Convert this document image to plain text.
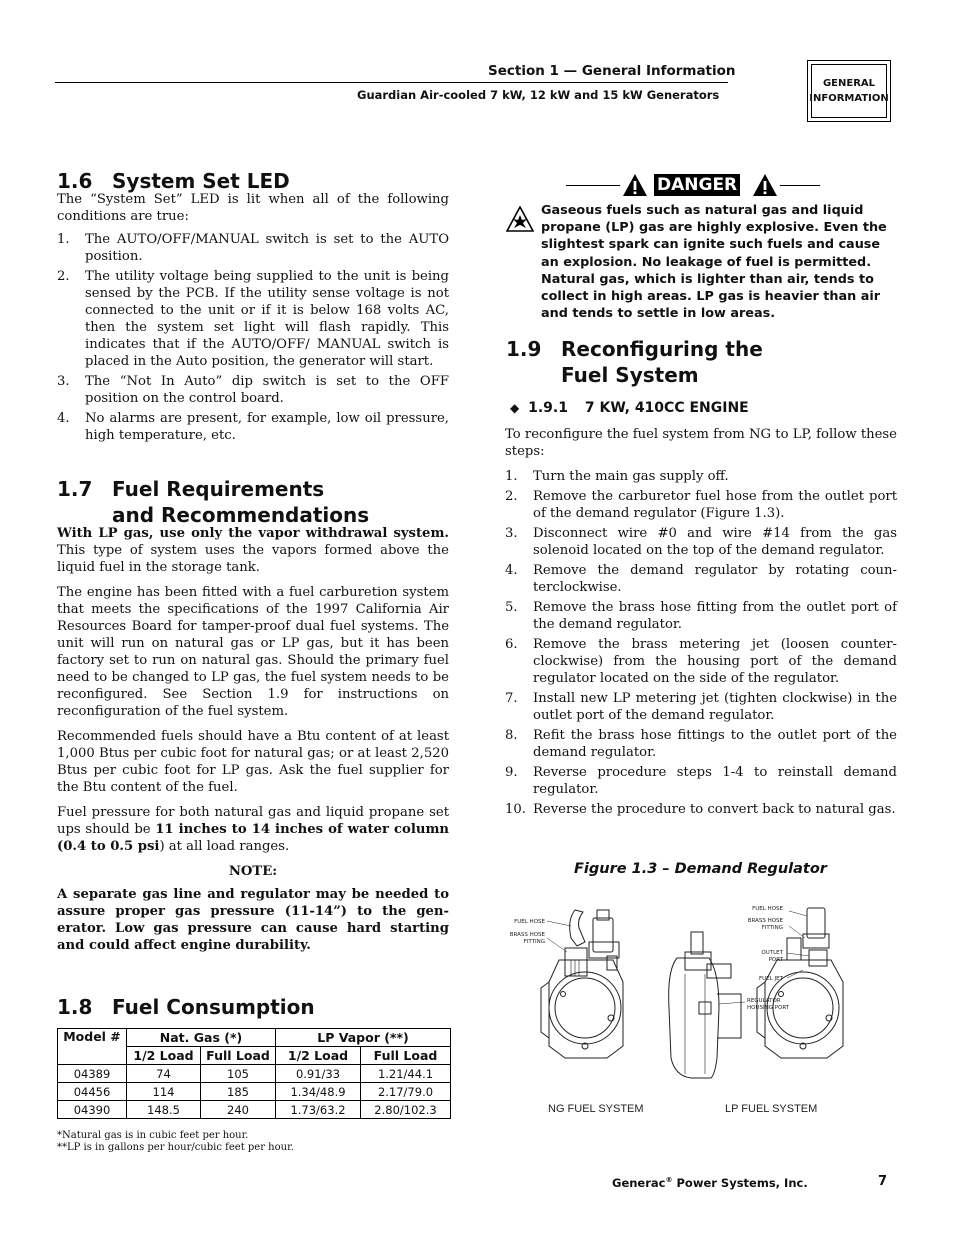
Section 1 — General Information
Guardian Air-cooled 7 kW, 12 kW and 15 kW Generators
GENERAL
INFORMATION
1.6 System Set LED
The “System Set” LED is lit when all of the following conditions are true:
1. The AUTO/OFF/MANUAL switch is set to the AUTO position.
2. The utility voltage being supplied to the unit is being sensed by the PCB. If the utility sense voltage is not connected to the unit or if it is below 168 volts AC, then the system set light will flash rapidly. This indicates that if the AUTO/OFF/ MANUAL switch is placed in the Auto position, the generator will start.
3. The “Not In Auto” dip switch is set to the OFF position on the control board.
4. No alarms are present, for example, low oil pressure, high temperature, etc.
1.7 Fuel Requirements
and Recommendations

With LP gas, use only the vapor withdrawal system. This type of system uses the vapors formed above the liquid fuel in the storage tank.

The engine has been fitted with a fuel carburetion system that meets the specifications of the 1997 California Air Resources Board for tamper-proof dual fuel systems. The unit will run on natural gas or LP gas, but it has been factory set to run on natural gas. Should the primary fuel need to be changed to LP gas, the fuel system needs to be reconfigured. See Section 1.9 for instructions on reconfiguration of the fuel system.

Recommended fuels should have a Btu content of at least 1,000 Btus per cubic foot for natural gas; or at least 2,520 Btus per cubic foot for LP gas. Ask the fuel supplier for the Btu content of the fuel.

Fuel pressure for both natural gas and liquid propane set ups should be 11 inches to 14 inches of water column (0.4 to 0.5 psi) at all load ranges.

NOTE:

A separate gas line and regulator may be needed to assure proper gas pressure (11-14”) to the generator. Low gas pressure can cause hard starting and could affect engine durability.

1.8 Fuel Consumption
Model #	Nat. Gas (*)		LP Vapor (**)	
	1/2 Load	Full Load	1/2 Load	Full Load
04389	74	105	0.91/33	1.21/44.1
04456	114	185	1.34/48.9	2.17/79.0
04390	148.5	240	1.73/63.2	2.80/102.3
*Natural gas is in cubic feet per hour.
**LP is in gallons per hour/cubic feet per hour.
DANGER
Gaseous fuels such as natural gas and liquid propane (LP) gas are highly explosive. Even the slightest spark can ignite such fuels and cause an explosion. No leakage of fuel is permitted. Natural gas, which is lighter than air, tends to collect in high areas. LP gas is heavier than air and tends to settle in low areas.
1.9 Reconfiguring the
Fuel System
◆ 1.9.1 7 KW, 410CC ENGINE
To reconfigure the fuel system from NG to LP, follow these steps:
1. Turn the main gas supply off.
2. Remove the carburetor fuel hose from the outlet port of the demand regulator (Figure 1.3).
3. Disconnect wire #0 and wire #14 from the gas solenoid located on the top of the demand regulator.
4. Remove the demand regulator by rotating counterclockwise.
5. Remove the brass hose fitting from the outlet port of the demand regulator.
6. Remove the brass metering jet (loosen counterclockwise) from the housing port of the demand regulator located on the side of the regulator.
7. Install new LP metering jet (tighten clockwise) in the outlet port of the demand regulator.
8. Refit the brass hose fittings to the outlet port of the demand regulator.
9. Reverse procedure steps 1-4 to reinstall demand regulator.
10. Reverse the procedure to convert back to natural gas.
Figure 1.3 – Demand Regulator
FUEL HOSE
BRASS HOSE
FITTING
FUEL HOSE
BRASS HOSE
FITTING
OUTLET
PORT
FUEL JET
REGULATOR
HOUSING PORT
NG FUEL SYSTEM	LP FUEL SYSTEM
Generac® Power Systems, Inc.	7
